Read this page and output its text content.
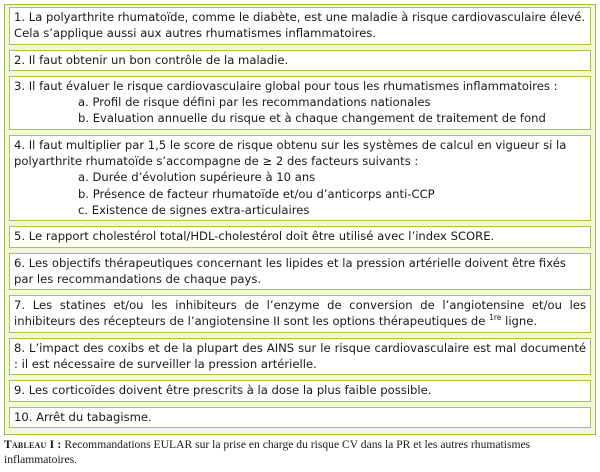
1. La polyarthrite rhumatoïde, comme le diabète, est une maladie à risque cardiovasculaire élevé. Cela s’applique aussi aux autres rhumatismes inflammatoires.
2. Il faut obtenir un bon contrôle de la maladie.
3. Il faut évaluer le risque cardiovasculaire global pour tous les rhumatismes inflammatoires :
a. Profil de risque défini par les recommandations nationales
b. Evaluation annuelle du risque et à chaque changement de traitement de fond
4. Il faut multiplier par 1,5 le score de risque obtenu sur les systèmes de calcul en vigueur si la polyarthrite rhumatoïde s’accompagne de ≥ 2 des facteurs suivants :
a. Durée d’évolution supérieure à 10 ans
b. Présence de facteur rhumatoïde et/ou d’anticorps anti-CCP
c. Existence de signes extra-articulaires
5. Le rapport cholestérol total/HDL-cholestérol doit être utilisé avec l’index SCORE.
6. Les objectifs thérapeutiques concernant les lipides et la pression artérielle doivent être fixés par les recommandations de chaque pays.
7. Les statines et/ou les inhibiteurs de l’enzyme de conversion de l’angiotensine et/ou les inhibiteurs des récepteurs de l’angiotensine II sont les options thérapeutiques de $^{1re}$ ligne.
8. L’impact des coxibs et de la plupart des AINS sur le risque cardiovasculaire est mal documenté : il est nécessaire de surveiller la pression artérielle.
9. Les corticoïdes doivent être prescrits à la dose la plus faible possible.
10. Arrêt du tabagisme.
Tableau I : Recommandations EULAR sur la prise en charge du risque CV dans la PR et les autres rhumatismes inflammatoires.
